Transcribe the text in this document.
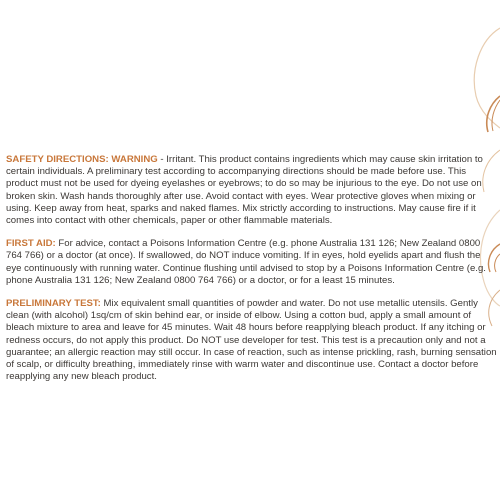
SAFETY DIRECTIONS: WARNING - Irritant. This product contains ingredients which may cause skin irritation to certain individuals. A preliminary test according to accompanying directions should be made before use. This product must not be used for dyeing eyelashes or eyebrows; to do so may be injurious to the eye. Do not use on broken skin. Wash hands thoroughly after use. Avoid contact with eyes. Wear protective gloves when mixing or using. Keep away from heat, sparks and naked flames. Mix strictly according to instructions. May cause fire if it comes into contact with other chemicals, paper or other flammable materials.

FIRST AID: For advice, contact a Poisons Information Centre (e.g. phone Australia 131 126; New Zealand 0800 764 766) or a doctor (at once). If swallowed, do NOT induce vomiting. If in eyes, hold eyelids apart and flush the eye continuously with running water. Continue flushing until advised to stop by a Poisons Information Centre (e.g. phone Australia 131 126; New Zealand 0800 764 766) or a doctor, or for a least 15 minutes.

PRELIMINARY TEST: Mix equivalent small quantities of powder and water. Do not use metallic utensils. Gently clean (with alcohol) 1sq/cm of skin behind ear, or inside of elbow. Using a cotton bud, apply a small amount of bleach mixture to area and leave for 45 minutes. Wait 48 hours before reapplying bleach product. If any itching or redness occurs, do not apply this product. Do NOT use developer for test. This test is a precaution only and not a guarantee; an allergic reaction may still occur. In case of reaction, such as intense prickling, rash, burning sensation of scalp, or difficulty breathing, immediately rinse with warm water and discontinue use. Contact a doctor before reapplying any new bleach product.
